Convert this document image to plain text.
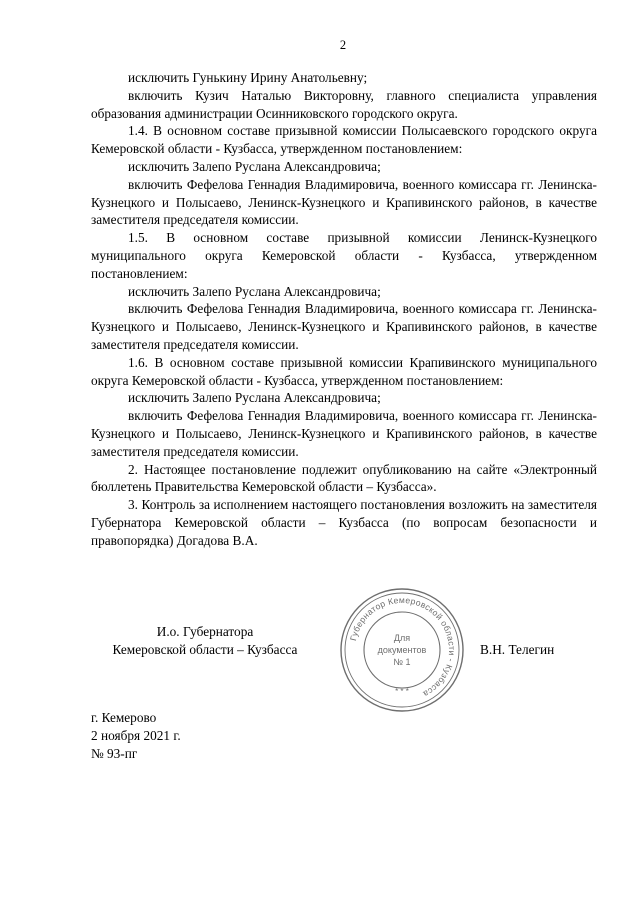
2

исключить Гунькину Ирину Анатольевну;

включить Кузич Наталью Викторовну, главного специалиста управления образования администрации Осинниковского городского округа.

1.4. В основном составе призывной комиссии Полысаевского городского округа Кемеровской области - Кузбасса, утвержденном постановлением:

исключить Залепо Руслана Александровича;

включить Фефелова Геннадия Владимировича, военного комиссара гг. Ленинска-Кузнецкого и Полысаево, Ленинск-Кузнецкого и Крапивинского районов, в качестве заместителя председателя комиссии.

1.5. В основном составе призывной комиссии Ленинск-Кузнецкого муниципального округа Кемеровской области - Кузбасса, утвержденном постановлением:

исключить Залепо Руслана Александровича;

включить Фефелова Геннадия Владимировича, военного комиссара гг. Ленинска-Кузнецкого и Полысаево, Ленинск-Кузнецкого и Крапивинского районов, в качестве заместителя председателя комиссии.

1.6. В основном составе призывной комиссии Крапивинского муниципального округа Кемеровской области - Кузбасса, утвержденном постановлением:

исключить Залепо Руслана Александровича;

включить Фефелова Геннадия Владимировича, военного комиссара гг. Ленинска-Кузнецкого и Полысаево, Ленинск-Кузнецкого и Крапивинского районов, в качестве заместителя председателя комиссии.

2. Настоящее постановление подлежит опубликованию на сайте «Электронный бюллетень Правительства Кемеровской области – Кузбасса».

3. Контроль за исполнением настоящего постановления возложить на заместителя Губернатора Кемеровской области – Кузбасса (по вопросам безопасности и правопорядка) Догадова В.А.

И.о. Губернатора
Кемеровской области – Кузбасса
Губернатор Кемеровской области - Кузбасса
* * *
Для
документов
№ 1
В.Н. Телегин
г. Кемерово
2 ноября 2021 г.
№ 93-пг
